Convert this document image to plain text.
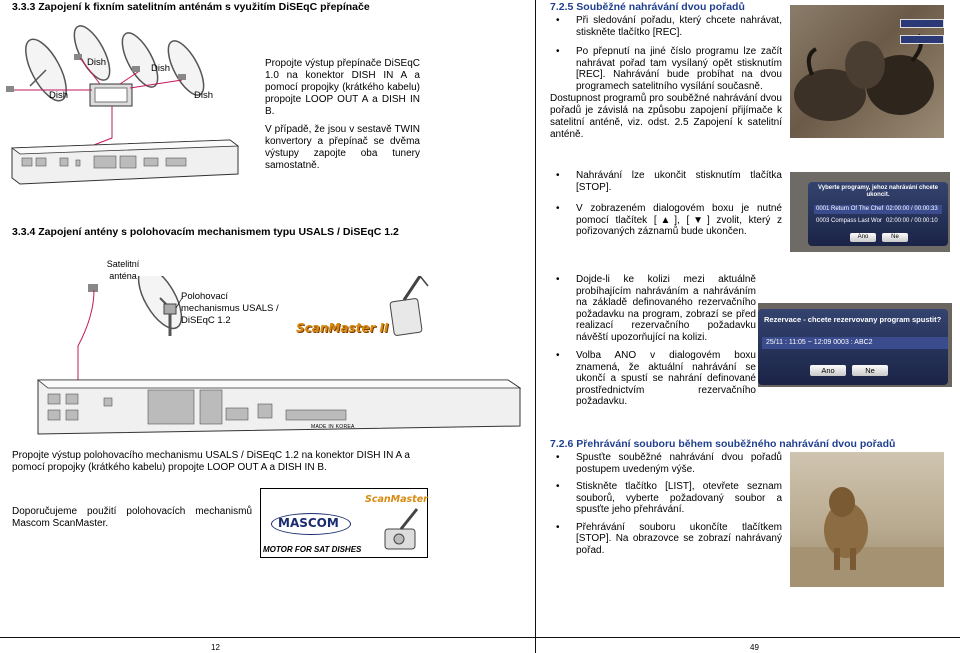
3.3.3 Zapojení k fixním satelitním anténám s využitím DiSEqC přepínače
Dish
Dish
Dish
Dish
Propojte výstup přepínače DiSEqC 1.0 na konektor DISH IN A a pomocí propojky (krátkého kabelu) propojte LOOP OUT A a DISH IN B.
V případě, že jsou v sestavě TWIN konvertory a přepínač se dvěma výstupy zapojte oba tunery samostatně.
3.3.4 Zapojení antény s polohovacím mechanismem typu USALS / DiSEqC 1.2
Satelitní anténa
ScanMaster II
Polohovací mechanismus USALS / DiSEqC 1.2
MADE IN KOREA
Propojte výstup polohovacího mechanismu USALS / DiSEqC 1.2 na konektor DISH IN A a pomocí propojky (krátkého kabelu) propojte LOOP OUT A a DISH IN B.
Doporučujeme použití polohovacích mechanismů Mascom ScanMaster.	MASCOM
ScanMaster
MOTOR FOR SAT DISHES
12
7.2.5 Souběžné nahrávání dvou pořadů
• Při sledování pořadu, který chcete nahrávat, stiskněte tlačítko [REC].
• Po přepnutí na jiné číslo programu lze začít nahrávat pořad tam vysílaný opět stisknutím [REC]. Nahrávání bude probíhat na dvou programech satelitního vysílání současně.
Dostupnost programů pro souběžné nahrávání dvou pořadů je závislá na způsobu zapojení přijímače k satelitní anténě, viz. odst. 2.5 Zapojení k satelitní anténě.
• Nahrávání lze ukončit stisknutím tlačítka [STOP].
• V zobrazeném dialogovém boxu je nutné pomocí tlačítek [▲], [▼] zvolit, který z pořizovaných záznamů bude ukončen.
Vyberte programy, jehoz nahrávání chcete ukoncit.
0001 Return Of The Chef 02:00:00 / 00:00:33
0003 Compass Last Wor 02:00:00 / 00:00:10
Ano	Ne
• Dojde-li ke kolizi mezi aktuálně probíhajícím nahráváním a nahráváním na základě definovaného rezervačního požadavku na program, zobrazí se před realizací rezervačního požadavku návěští upozorňující na kolizi.
• Volba ANO v dialogovém boxu znamená, že aktuální nahrávání se ukončí a spustí se nahrání definované prostřednictvím rezervačního požadavku.
Rezervace - chcete rezervovany program spustit?
25/11 : 11:05 ~ 12:09 0003 : ABC2
Ano	Ne
7.2.6 Přehrávání souboru během souběžného nahrávání dvou pořadů
• Spusťte souběžné nahrávání dvou pořadů postupem uvedeným výše.
• Stiskněte tlačítko [LIST], otevřete seznam souborů, vyberte požadovaný soubor a spusťte jeho přehrávání.
• Přehrávání souboru ukončíte tlačítkem [STOP]. Na obrazovce se zobrazí nahrávaný pořad.
49
